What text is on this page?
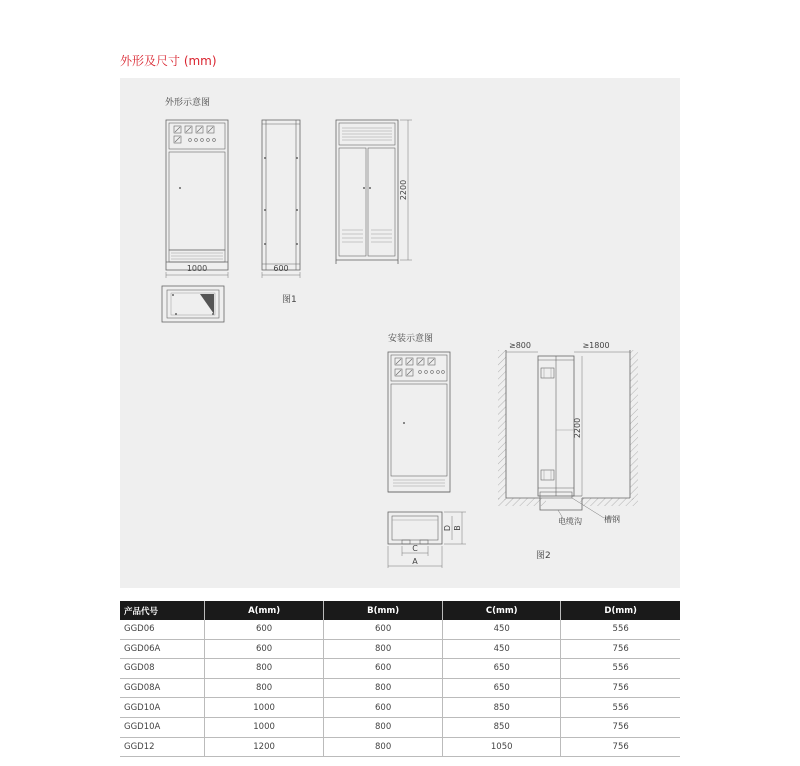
外形及尺寸 (mm)
外形示意图
1000	600
2200
图1
安装示意图
D B
C
A
≥800	≥1800
2200
电缆沟	槽钢
图2
产品代号	A(mm)	B(mm)	C(mm)	D(mm)
GGD06	600	600	450	556
GGD06A	600	800	450	756
GGD08	800	600	650	556
GGD08A	800	800	650	756
GGD10A	1000	600	850	556
GGD10A	1000	800	850	756
GGD12	1200	800	1050	756
